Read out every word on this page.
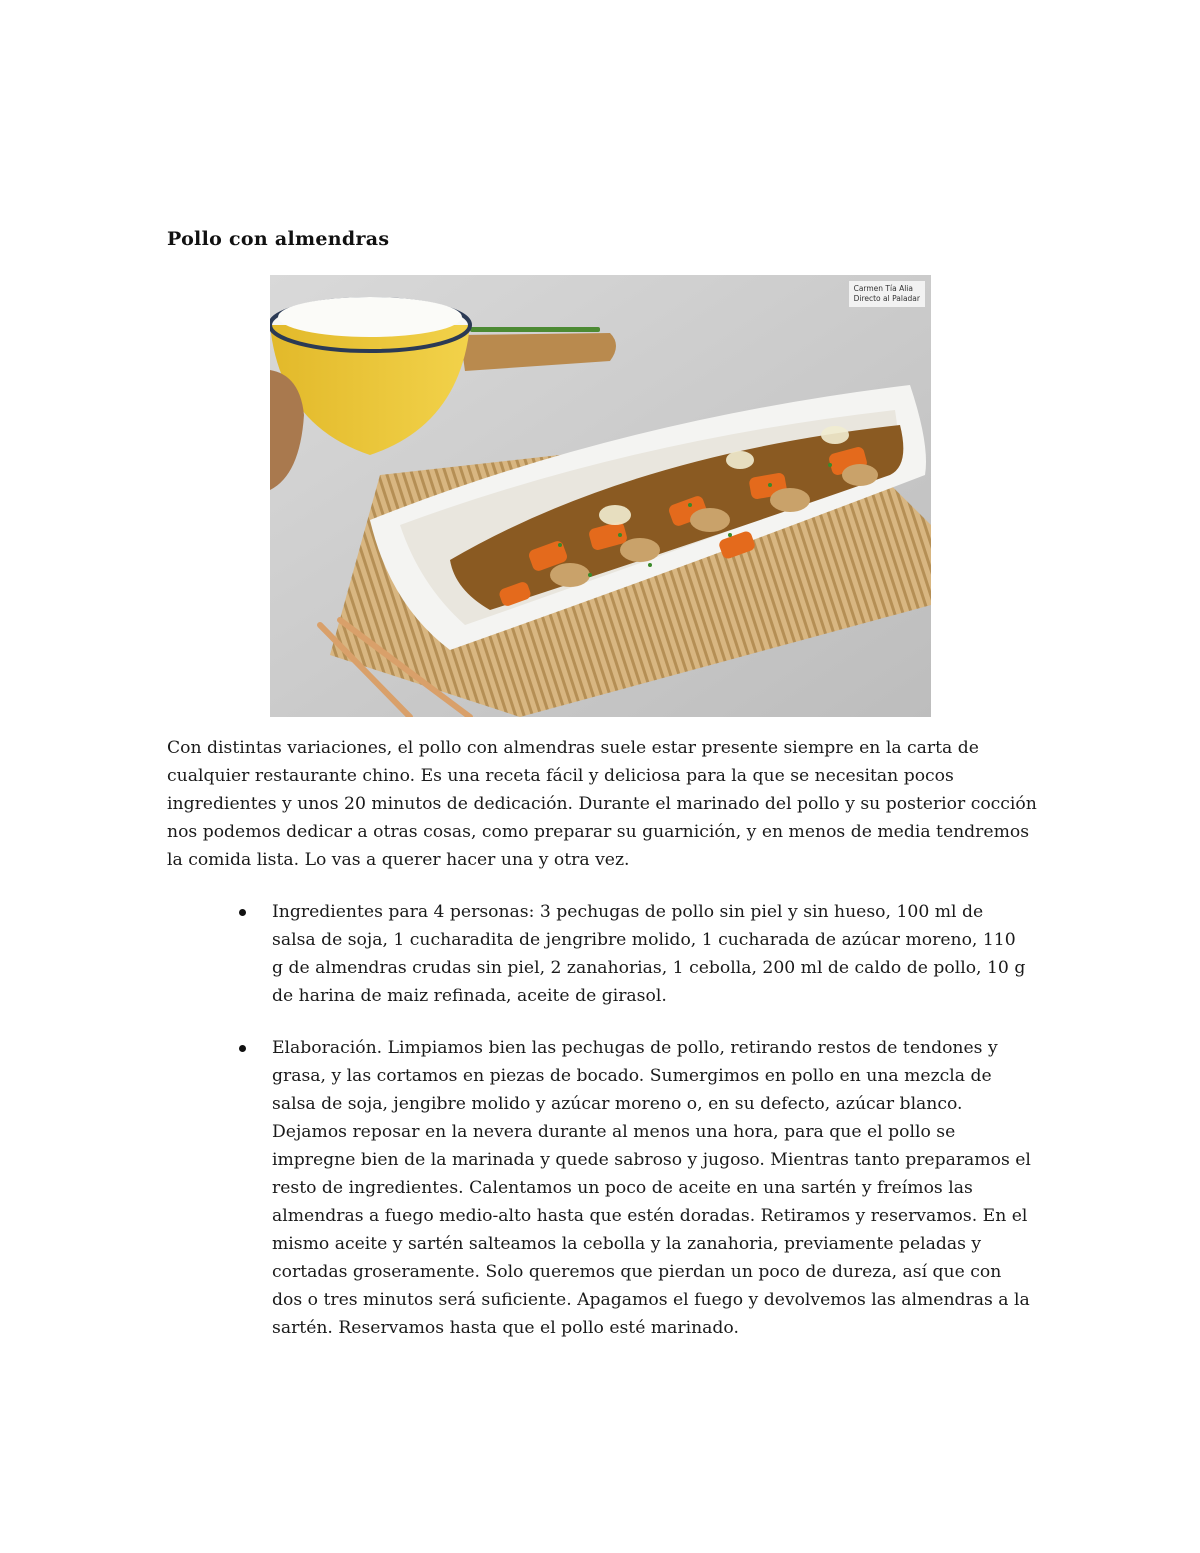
Pollo con almendras
Carmen Tía Alia
Directo al Paladar

Con distintas variaciones, el pollo con almendras suele estar presente siempre en la carta de cualquier restaurante chino. Es una receta fácil y deliciosa para la que se necesitan pocos ingredientes y unos 20 minutos de dedicación. Durante el marinado del pollo y su posterior cocción nos podemos dedicar a otras cosas, como preparar su guarnición, y en menos de media tendremos la comida lista. Lo vas a querer hacer una y otra vez.

Ingredientes para 4 personas: 3 pechugas de pollo sin piel y sin hueso, 100 ml de salsa de soja, 1 cucharadita de jengribre molido, 1 cucharada de azúcar moreno, 110 g de almendras crudas sin piel, 2 zanahorias, 1 cebolla, 200 ml de caldo de pollo, 10 g de harina de maiz refinada, aceite de girasol.
Elaboración. Limpiamos bien las pechugas de pollo, retirando restos de tendones y grasa, y las cortamos en piezas de bocado. Sumergimos en pollo en una mezcla de salsa de soja, jengibre molido y azúcar moreno o, en su defecto, azúcar blanco. Dejamos reposar en la nevera durante al menos una hora, para que el pollo se impregne bien de la marinada y quede sabroso y jugoso. Mientras tanto preparamos el resto de ingredientes. Calentamos un poco de aceite en una sartén y freímos las almendras a fuego medio-alto hasta que estén doradas. Retiramos y reservamos. En el mismo aceite y sartén salteamos la cebolla y la zanahoria, previamente peladas y cortadas groseramente. Solo queremos que pierdan un poco de dureza, así que con dos o tres minutos será suficiente. Apagamos el fuego y devolvemos las almendras a la sartén. Reservamos hasta que el pollo esté marinado.
